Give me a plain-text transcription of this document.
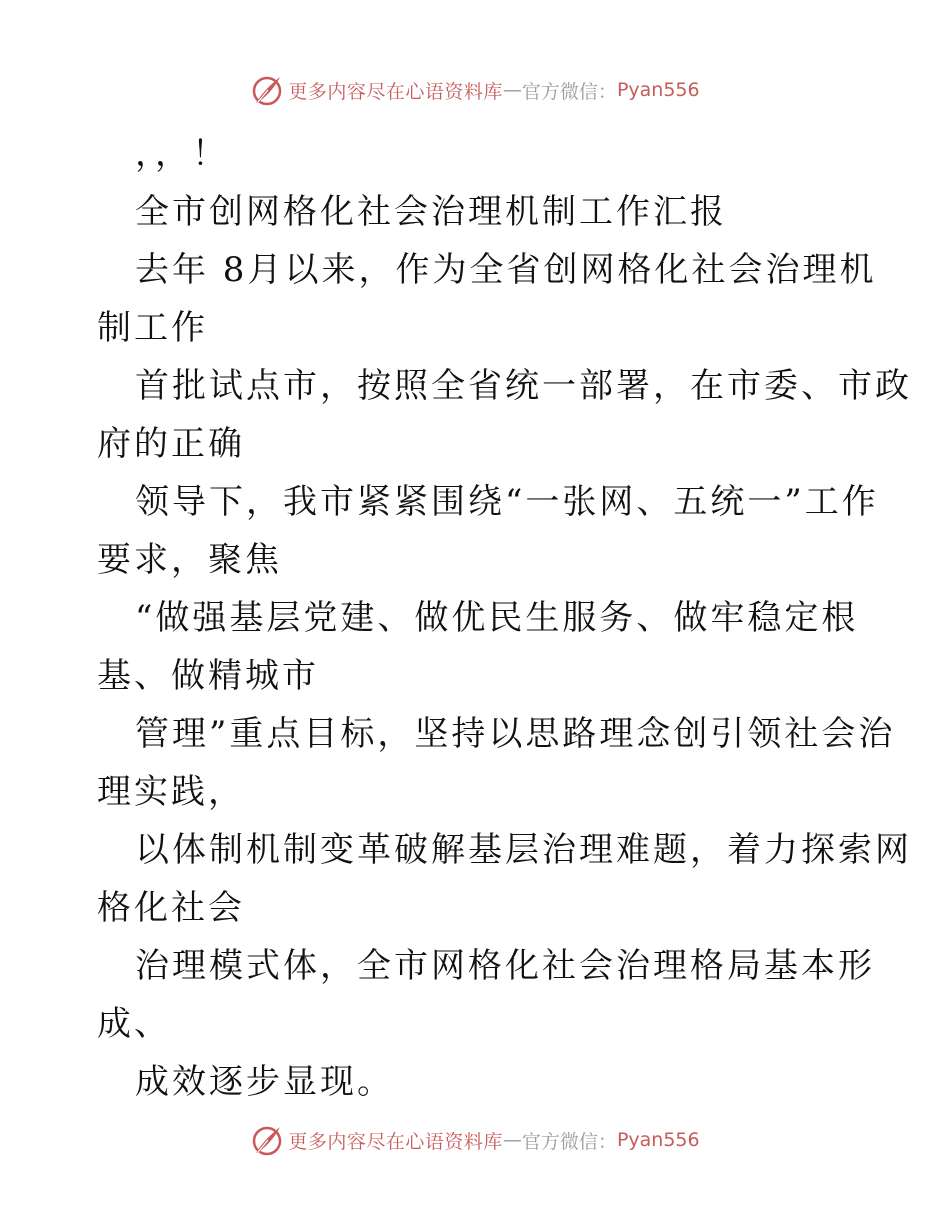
更多内容尽在心语资料库 — 官方微信： Pyan556
，，！
全市创网格化社会治理机制工作汇报
去年 8月以来，作为全省创网格化社会治理机
制工作
首批试点市，按照全省统一部署，在市委、市政
府的正确
领导下，我市紧紧围绕“一张网、五统一”工作
要求，聚焦
“做强基层党建、做优民生服务、做牢稳定根
基、做精城市
管理”重点目标，坚持以思路理念创引领社会治
理实践，
以体制机制变革破解基层治理难题，着力探索网
格化社会
治理模式体，全市网格化社会治理格局基本形
成、
成效逐步显现。
更多内容尽在心语资料库 — 官方微信： Pyan556
